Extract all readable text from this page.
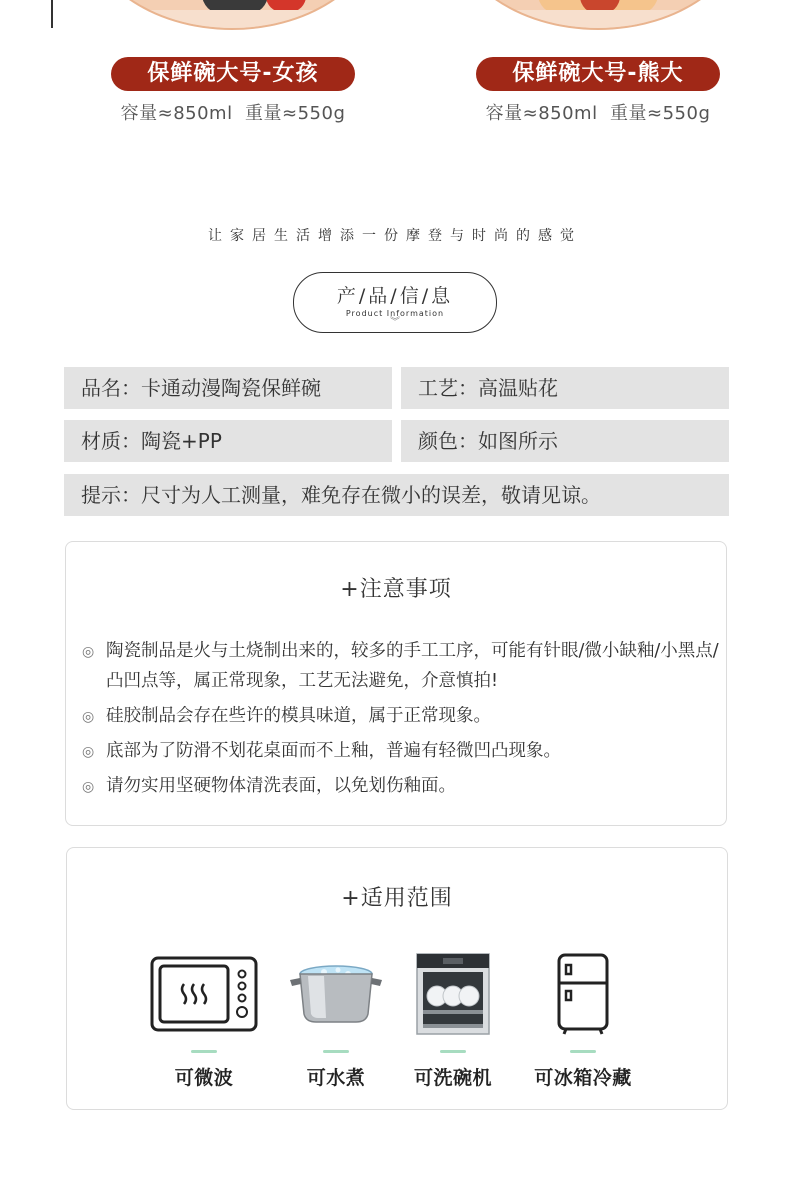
保鲜碗大号-女孩	保鲜碗大号-熊大
容量≈850ml  重量≈550g	容量≈850ml  重量≈550g
让家居生活增添一份摩登与时尚的感觉
产/品/信/息
Product Information
︾
品名：卡通动漫陶瓷保鲜碗	工艺：高温贴花
材质：陶瓷+PP	颜色：如图所示
提示：尺寸为人工测量，难免存在微小的误差，敬请见谅。
+注意事项
◎ 陶瓷制品是火与土烧制出来的，较多的手工工序，可能有针眼/微小缺釉/小黑点/凸凹点等，属正常现象，工艺无法避免，介意慎拍!
◎ 硅胶制品会存在些许的模具味道，属于正常现象。
◎ 底部为了防滑不划花桌面而不上釉，普遍有轻微凹凸现象。
◎ 请勿实用坚硬物体清洗表面，以免划伤釉面。
+适用范围
可微波	可水煮	可洗碗机	可冰箱冷藏
